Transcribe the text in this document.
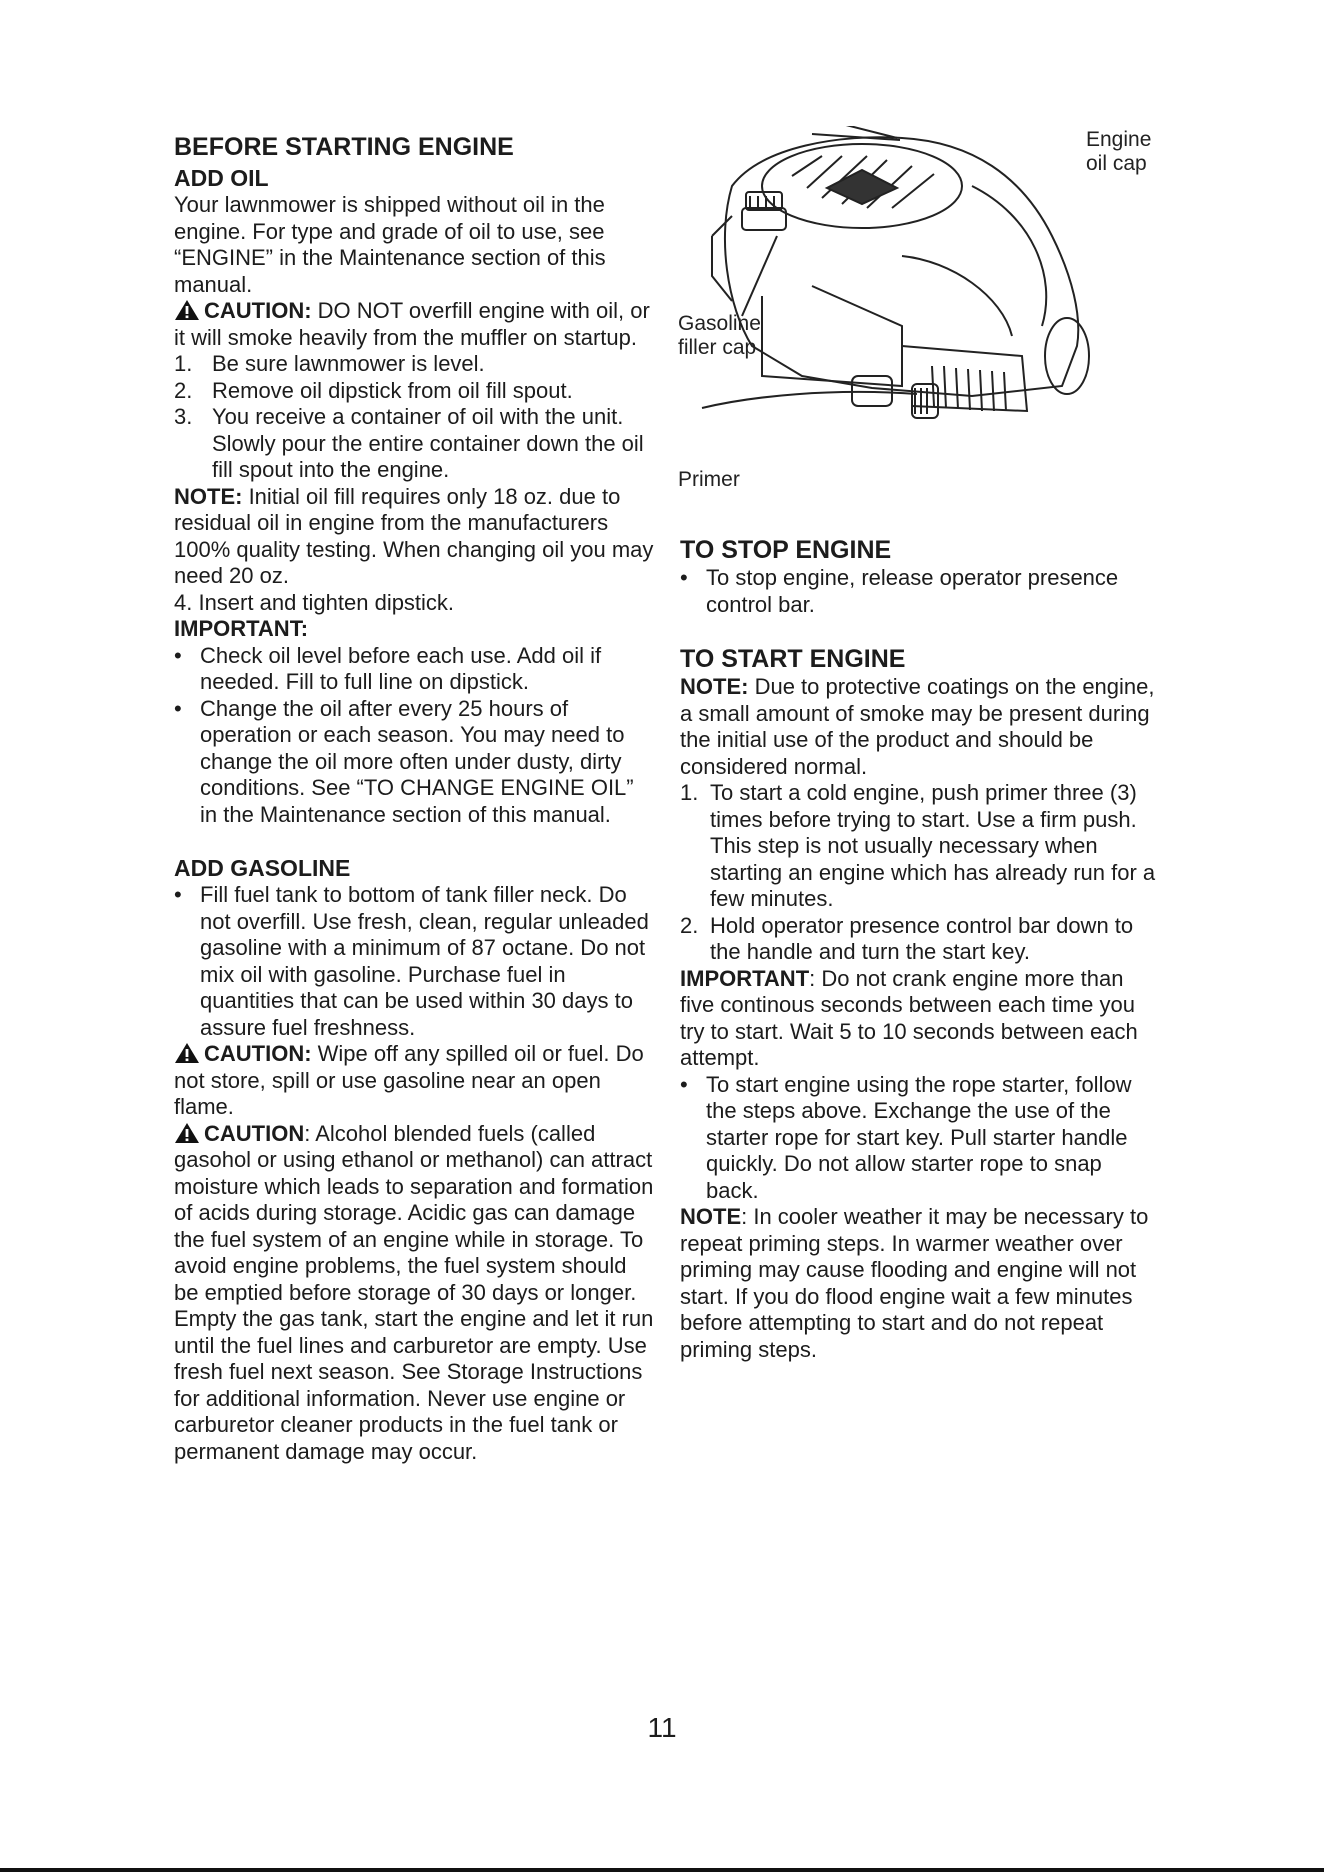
BEFORE STARTING ENGINE

ADD OIL

Your lawnmower is shipped without oil in the engine. For type and grade of oil to use, see “ENGINE” in the Maintenance section of this manual.

CAUTION: DO NOT overfill engine with oil, or it will smoke heavily from the muffler on startup.

1. Be sure lawnmower is level.

2. Remove oil dipstick from oil fill spout.

3. You receive a container of oil with the unit. Slowly pour the entire container down the oil fill spout into the engine.

NOTE: Initial oil fill requires only 18 oz. due to residual oil in engine from the manufacturers 100% quality testing. When changing oil you may need 20 oz.

4. Insert and tighten dipstick.

IMPORTANT:

• Check oil level before each use. Add oil if needed. Fill to full line on dipstick.

• Change the oil after every 25 hours of operation or each season. You may need to change the oil more often under dusty, dirty conditions. See “TO CHANGE ENGINE OIL” in the Maintenance section of this manual.

ADD GASOLINE

• Fill fuel tank to bottom of tank filler neck. Do not overfill. Use fresh, clean, regular unleaded gasoline with a minimum of 87 octane. Do not mix oil with gasoline. Purchase fuel in quantities that can be used within 30 days to assure fuel freshness.

CAUTION: Wipe off any spilled oil or fuel. Do not store, spill or use gasoline near an open flame.

CAUTION: Alcohol blended fuels (called gasohol or using ethanol or methanol) can attract moisture which leads to separation and formation of acids during storage. Acidic gas can damage the fuel system of an engine while in storage. To avoid engine problems, the fuel system should be emptied before storage of 30 days or longer. Empty the gas tank, start the engine and let it run until the fuel lines and carburetor are empty. Use fresh fuel next season. See Storage Instructions for additional information. Never use engine or carburetor cleaner products in the fuel tank or permanent damage may occur.

Engine
oil cap
Gasoline
filler cap
Primer

TO STOP ENGINE

• To stop engine, release operator presence control bar.

TO START ENGINE

NOTE: Due to protective coatings on the engine, a small amount of smoke may be present during the initial use of the product and should be considered normal.

1. To start a cold engine, push primer three (3) times before trying to start. Use a firm push. This step is not usually necessary when starting an engine which has already run for a few minutes.

2. Hold operator presence control bar down to the handle and turn the start key.

IMPORTANT: Do not crank engine more than five continous seconds between each time you try to start. Wait 5 to 10 seconds between each attempt.

• To start engine using the rope starter, follow the steps above. Exchange the use of the starter rope for start key. Pull starter handle quickly. Do not allow starter rope to snap back.

NOTE: In cooler weather it may be necessary to repeat priming steps. In warmer weather over priming may cause flooding and engine will not start. If you do flood engine wait a few minutes before attempting to start and do not repeat priming steps.

11
